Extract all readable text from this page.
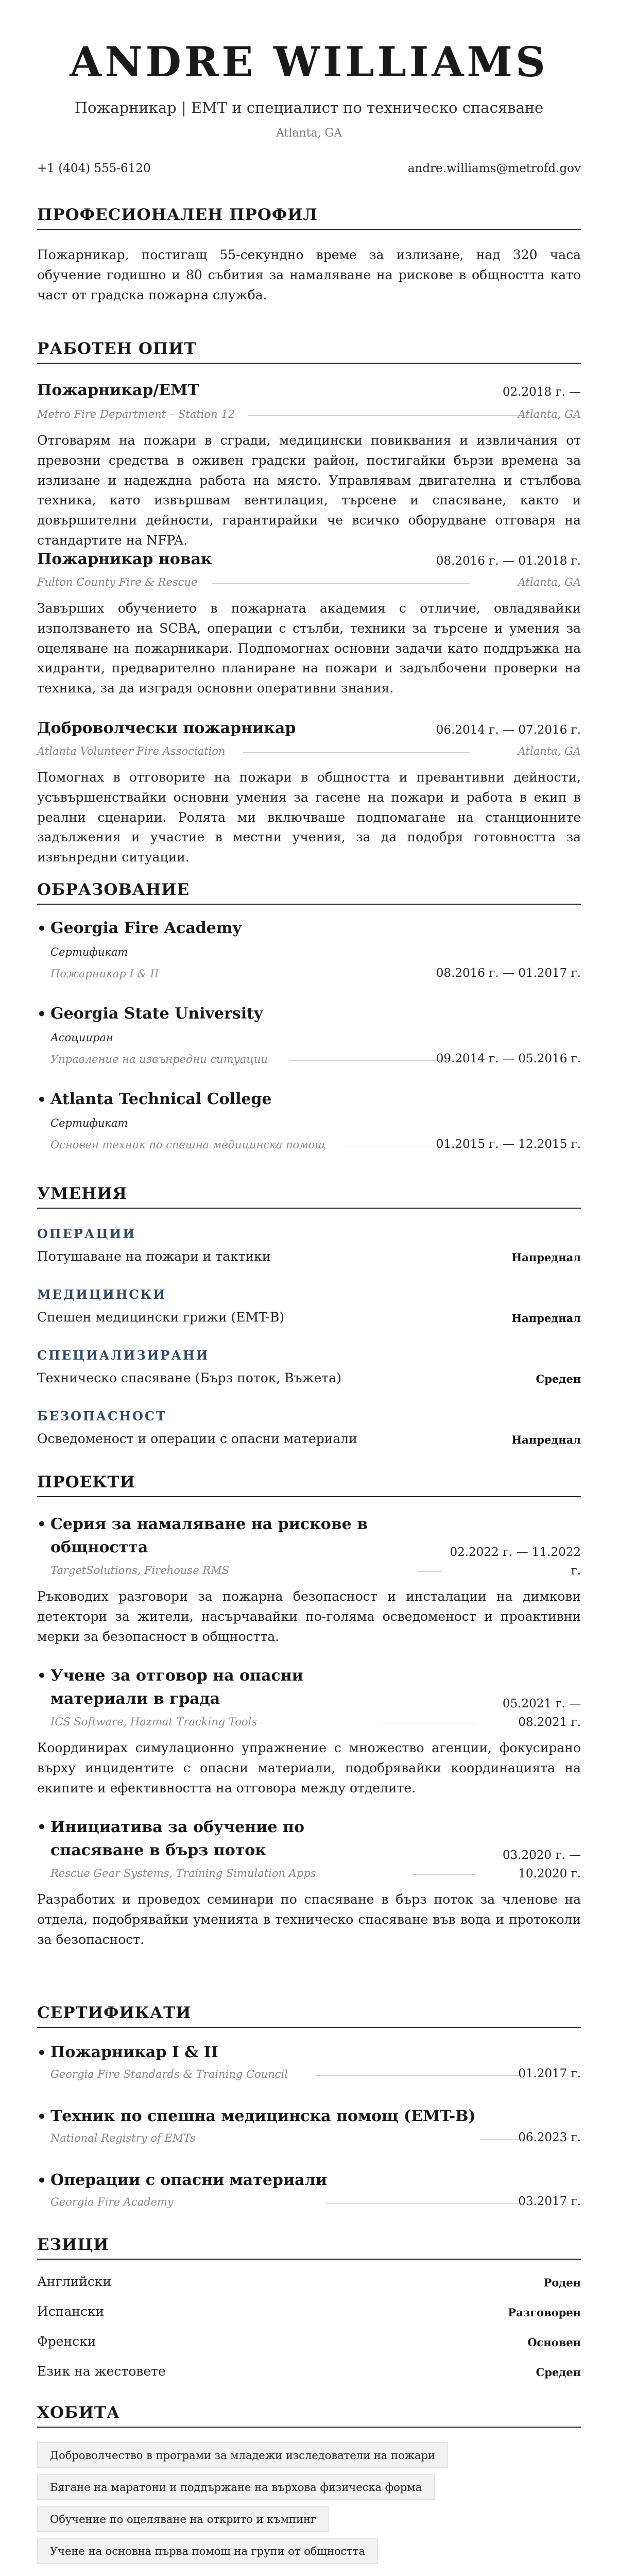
ANDRE WILLIAMS
Пожарникар | EMT и специалист по техническо спасяване
Atlanta, GA
+1 (404) 555-6120	andre.williams@metrofd.gov
ПРОФЕСИОНАЛЕН ПРОФИЛ
Пожарникар, постигащ 55-секундно време за излизане, над 320 часа обучение годишно и 80 събития за намаляване на рискове в общността като част от градска пожарна служба.
РАБОТЕН ОПИТ
Пожарникар/EMT	02.2018 г. —
Metro Fire Department – Station 12	Atlanta, GA
Отговарям на пожари в сгради, медицински повиквания и извличания от превозни средства в оживен градски район, постигайки бързи времена за излизане и надеждна работа на място. Управлявам двигателна и стълбова техника, като извършвам вентилация, търсене и спасяване, както и довършителни дейности, гарантирайки че всичко оборудване отговаря на стандартите на NFPA.
Пожарникар новак	08.2016 г. — 01.2018 г.
Fulton County Fire & Rescue	Atlanta, GA
Завърших обучението в пожарната академия с отличие, овладявайки използването на SCBA, операции с стълби, техники за търсене и умения за оцеляване на пожарникари. Подпомогнах основни задачи като поддръжка на хидранти, предварително планиране на пожари и задълбочени проверки на техника, за да изградя основни оперативни знания.
Доброволчески пожарникар	06.2014 г. — 07.2016 г.
Atlanta Volunteer Fire Association	Atlanta, GA
Помогнах в отговорите на пожари в общността и превантивни дейности, усъвършенствайки основни умения за гасене на пожари и работа в екип в реални сценарии. Ролята ми включваше подпомагане на станционните задължения и участие в местни учения, за да подобря готовността за извънредни ситуации.
ОБРАЗОВАНИЕ
• Georgia Fire Academy
Сертификат
Пожарникар I & II	08.2016 г. — 01.2017 г.
• Georgia State University
Асоцииран
Управление на извънредни ситуации	09.2014 г. — 05.2016 г.
• Atlanta Technical College
Сертификат
Основен техник по спешна медицинска помощ	01.2015 г. — 12.2015 г.
УМЕНИЯ
ОПЕРАЦИИ
Потушаване на пожари и тактики	Напреднал
МЕДИЦИНСКИ
Спешен медицински грижи (EMT-B)	Напреднал
СПЕЦИАЛИЗИРАНИ
Техническо спасяване (Бърз поток, Въжета)	Среден
БЕЗОПАСНОСТ
Осведоменост и операции с опасни материали	Напреднал
ПРОЕКТИ
• Серия за намаляване на рискове в общността	02.2022 г. — 11.2022
г.
TargetSolutions, Firehouse RMS
Ръководих разговори за пожарна безопасност и инсталации на димкови детектори за жители, насърчавайки по-голяма осведоменост и проактивни мерки за безопасност в общността.
• Учене за отговор на опасни материали в града	05.2021 г. —
08.2021 г.
ICS Software, Hazmat Tracking Tools
Координирах симулационно упражнение с множество агенции, фокусирано върху инцидентите с опасни материали, подобрявайки координацията на екипите и ефективността на отговора между отделите.
• Инициатива за обучение по спасяване в бърз поток	03.2020 г. —
10.2020 г.
Rescue Gear Systems, Training Simulation Apps
Разработих и проведох семинари по спасяване в бърз поток за членове на отдела, подобрявайки уменията в техническо спасяване във вода и протоколи за безопасност.
СЕРТИФИКАТИ
• Пожарникар I & II
Georgia Fire Standards & Training Council	01.2017 г.
• Техник по спешна медицинска помощ (EMT-B)
National Registry of EMTs	06.2023 г.
• Операции с опасни материали
Georgia Fire Academy	03.2017 г.
ЕЗИЦИ
Английски	Роден
Испански	Разговорен
Френски	Основен
Език на жестовете	Среден
ХОБИТА
Доброволчество в програми за младежи изследователи на пожари
Бягане на маратони и поддържане на върхова физическа форма
Обучение по оцеляване на открито и къмпинг
Учене на основна първа помощ на групи от общността
